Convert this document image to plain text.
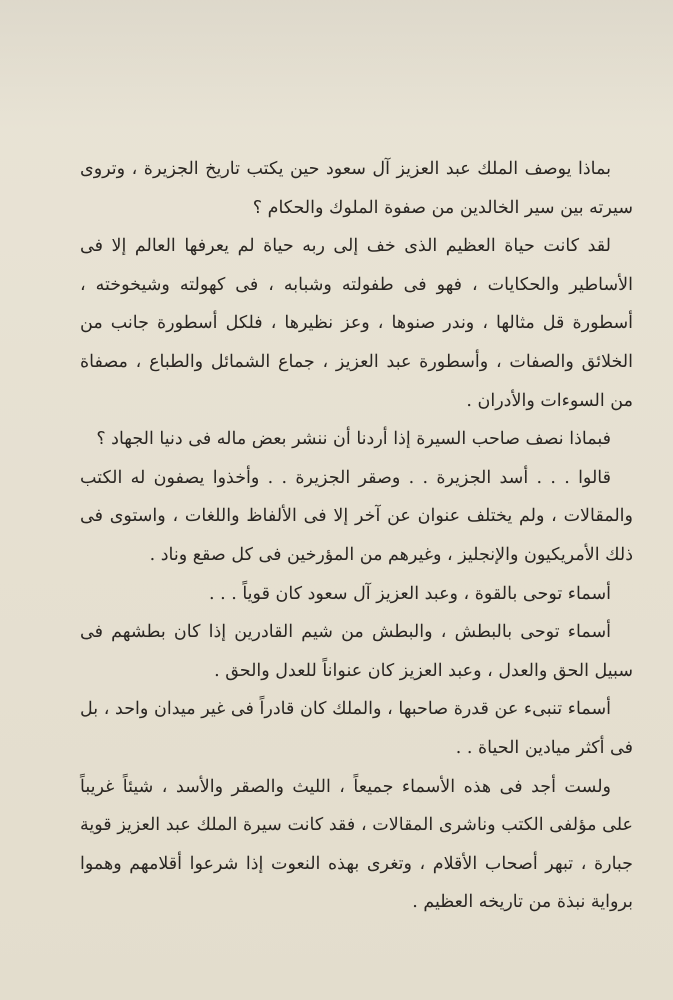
بماذا يوصف الملك عبد العزيز آل سعود حين يكتب تاريخ الجزيرة ، وتروى سيرته بين سير الخالدين من صفوة الملوك والحكام ؟

لقد كانت حياة العظيم الذى خف إلى ربه حياة لم يعرفها العالم إلا فى الأساطير والحكايات ، فهو فى طفولته وشبابه ، فى كهولته وشيخوخته ، أسطورة قل مثالها ، وندر صنوها ، وعز نظيرها ، فلكل أسطورة جانب من الخلائق والصفات ، وأسطورة عبد العزيز ، جماع الشمائل والطباع ، مصفاة من السوءات والأدران .

فبماذا نصف صاحب السيرة إذا أردنا أن ننشر بعض ماله فى دنيا الجهاد ؟

قالوا . . . أسد الجزيرة . . وصقر الجزيرة . . وأخذوا يصفون له الكتب والمقالات ، ولم يختلف عنوان عن آخر إلا فى الألفاظ واللغات ، واستوى فى ذلك الأمريكيون والإنجليز ، وغيرهم من المؤرخين فى كل صقع وناد .

أسماء توحى بالقوة ، وعبد العزيز آل سعود كان قوياً . . .

أسماء توحى بالبطش ، والبطش من شيم القادرين إذا كان بطشهم فى سبيل الحق والعدل ، وعبد العزيز كان عنواناً للعدل والحق .

أسماء تنبىء عن قدرة صاحبها ، والملك كان قادراً فى غير ميدان واحد ، بل فى أكثر ميادين الحياة . .

ولست أجد فى هذه الأسماء جميعاً ، الليث والصقر والأسد ، شيئاً غريباً على مؤلفى الكتب وناشرى المقالات ، فقد كانت سيرة الملك عبد العزيز قوية جبارة ، تبهر أصحاب الأقلام ، وتغرى بهذه النعوت إذا شرعوا أقلامهم وهموا برواية نبذة من تاريخه العظيم .
